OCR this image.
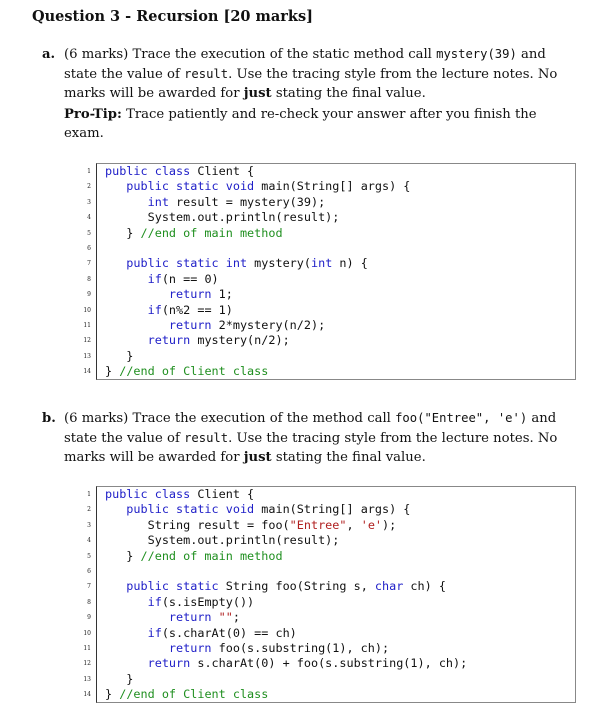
Question 3 - Recursion [20 marks]
a. (6 marks) Trace the execution of the static method call mystery(39) and state the value of result. Use the tracing style from the lecture notes. No marks will be awarded for just stating the final value.
Pro-Tip: Trace patiently and re-check your answer after you finish the exam.
1 public class Client {
2 public static void main(String[] args) {
3 int result = mystery(39);
4 System.out.println(result);
5 } //end of main method
6
7 public static int mystery(int n) {
8 if(n == 0)
9 return 1;
10 if(n%2 == 1)
11 return 2*mystery(n/2);
12 return mystery(n/2);
13 }
14 } //end of Client class
b. (6 marks) Trace the execution of the method call foo("Entree", 'e') and state the value of result. Use the tracing style from the lecture notes. No marks will be awarded for just stating the final value.
1 public class Client {
2 public static void main(String[] args) {
3 String result = foo("Entree", 'e');
4 System.out.println(result);
5 } //end of main method
6
7 public static String foo(String s, char ch) {
8 if(s.isEmpty())
9 return "";
10 if(s.charAt(0) == ch)
11 return foo(s.substring(1), ch);
12 return s.charAt(0) + foo(s.substring(1), ch);
13 }
14 } //end of Client class
